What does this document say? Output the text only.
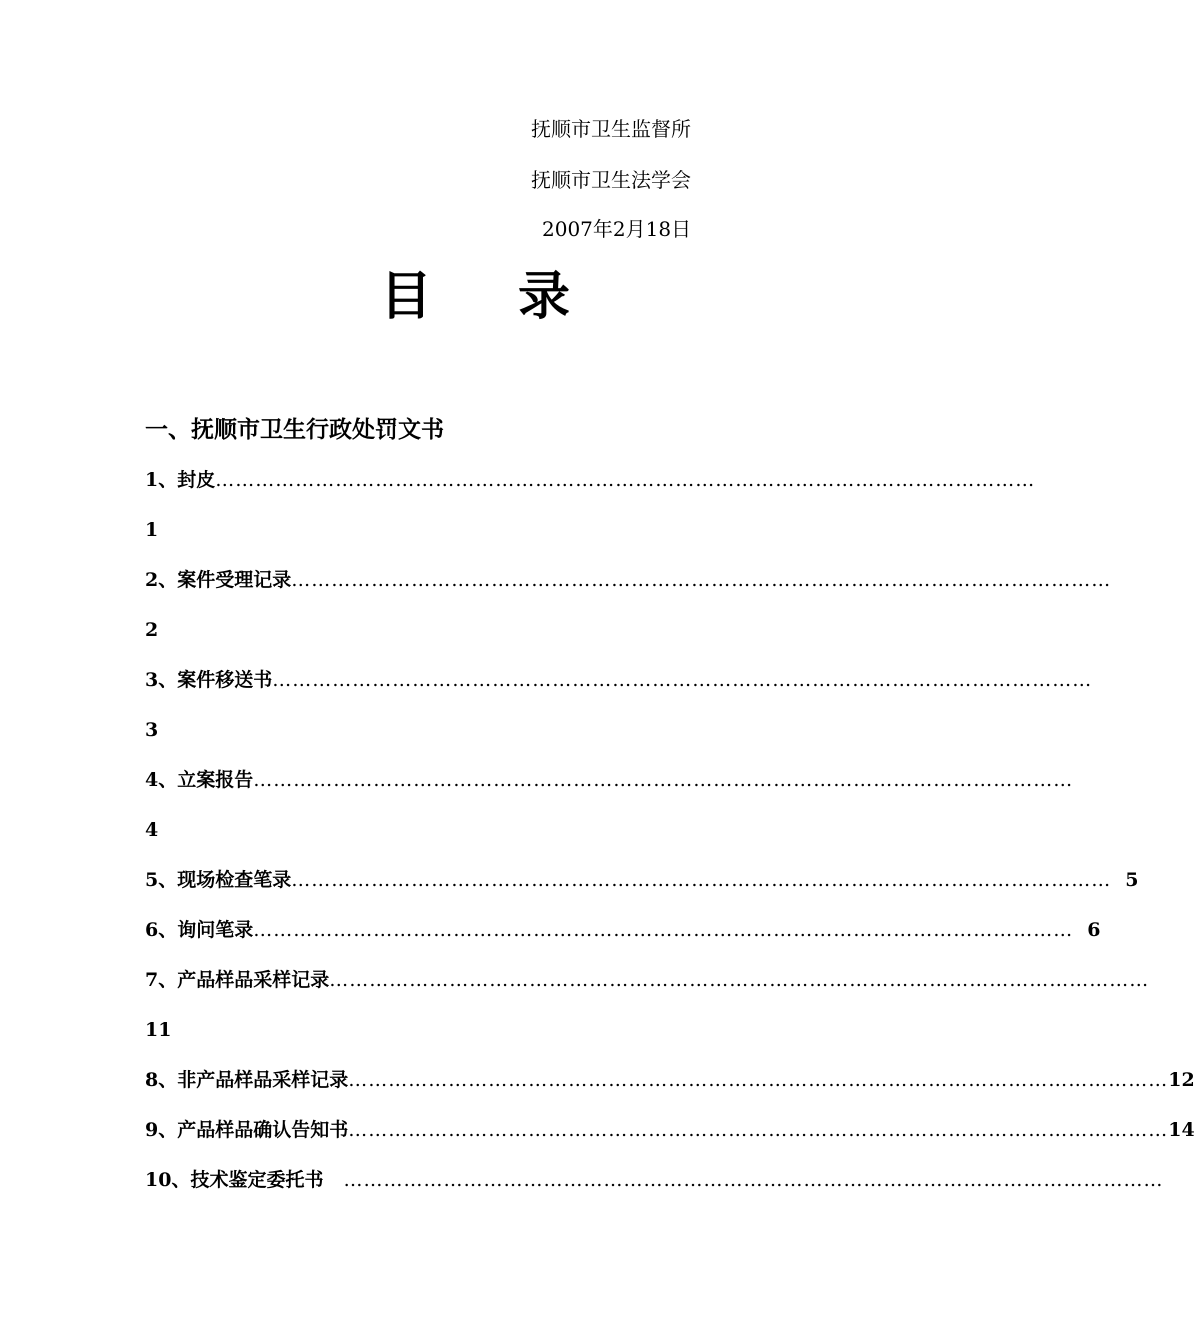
抚顺市卫生监督所
抚顺市卫生法学会
2007年2月18日
目 录
一、抚顺市卫生行政处罚文书
1、封皮 ……………………………………………………………………………………………………………
1
2、案件受理记录 ……………………………………………………………………………………………………………
2
3、案件移送书 ……………………………………………………………………………………………………………
3
4、立案报告 ……………………………………………………………………………………………………………
4
5、现场检查笔录 …………………………………………………………………………………………………………… 5
6、询问笔录 …………………………………………………………………………………………………………… 6
7、产品样品采样记录 ……………………………………………………………………………………………………………
11
8、非产品样品采样记录 …………………………………………………………………………………………………………… 12
9、产品样品确认告知书 …………………………………………………………………………………………………………… 14
10、技术鉴定委托书	……………………………………………………………………………………………………………
